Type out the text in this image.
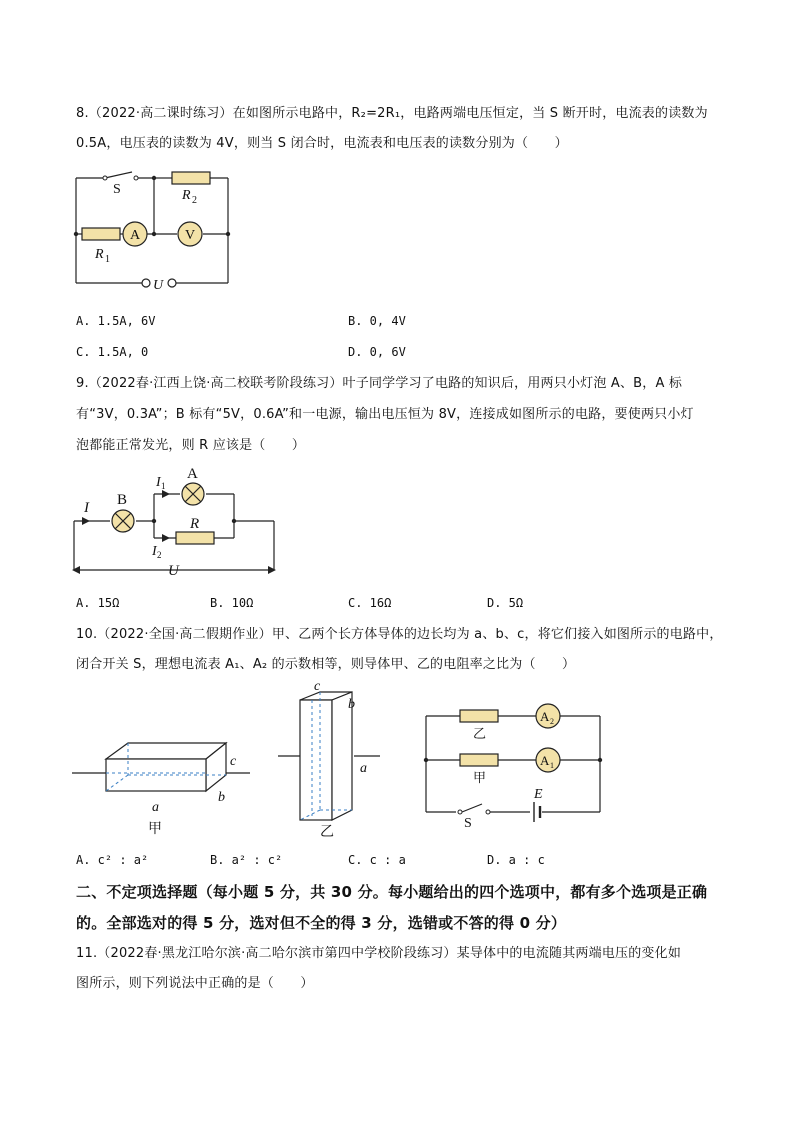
8.（2022·高二课时练习）在如图所示电路中，R₂=2R₁，电路两端电压恒定，当 S 断开时，电流表的读数为
0.5A，电压表的读数为 4V，则当 S 闭合时，电流表和电压表的读数分别为（　　）
S	R 2
R 1
A	V
U
A. 1.5A, 6V	B. 0, 4V
C. 1.5A, 0	D. 0, 6V
9.（2022春·江西上饶·高二校联考阶段练习）叶子同学学习了电路的知识后，用两只小灯泡 A、B，A 标
有“3V，0.3A”；B 标有“5V，0.6A”和一电源，输出电压恒为 8V，连接成如图所示的电路，要使两只小灯
泡都能正常发光，则 R 应该是（　　）
I B
A
I 1
I 2
R
U
A. 15Ω	B. 10Ω	C. 16Ω	D. 5Ω
10.（2022·全国·高二假期作业）甲、乙两个长方体导体的边长均为 a、b、c，将它们接入如图所示的电路中，
闭合开关 S，理想电流表 A₁、A₂ 的示数相等，则导体甲、乙的电阻率之比为（　　）
c
b
a
甲
c
b
a
乙
乙
甲
A 2
A 1
S
E
A. c² : a²	B. a² : c²	C. c : a	D. a : c
二、不定项选择题（每小题 5 分，共 30 分。每小题给出的四个选项中，都有多个选项是正确
的。全部选对的得 5 分，选对但不全的得 3 分，选错或不答的得 0 分）
11.（2022春·黑龙江哈尔滨·高二哈尔滨市第四中学校阶段练习）某导体中的电流随其两端电压的变化如
图所示，则下列说法中正确的是（　　）
